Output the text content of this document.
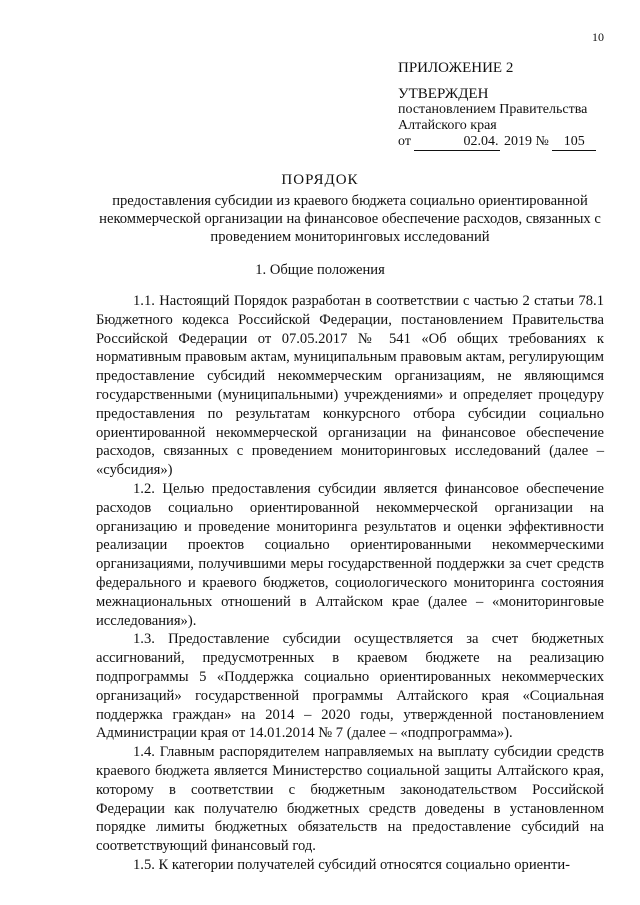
10
ПРИЛОЖЕНИЕ 2
УТВЕРЖДЕН
постановлением Правительства
Алтайского края
от	02.04. 2019 № 105
ПОРЯДОК
предоставления субсидии из краевого бюджета социально ориентированной некоммерческой организации на финансовое обеспечение расходов, связанных с проведением мониторинговых исследований
1. Общие положения

1.1. Настоящий Порядок разработан в соответствии с частью 2 статьи 78.1 Бюджетного кодекса Российской Федерации, постановлением Правительства Российской Федерации от 07.05.2017 № 541 «Об общих требованиях к нормативным правовым актам, муниципальным правовым актам, регулирующим предоставление субсидий некоммерческим организациям, не являющимся государственными (муниципальными) учреждениями» и определяет процедуру предоставления по результатам конкурсного отбора субсидии социально ориентированной некоммерческой организации на финансовое обеспечение расходов, связанных с проведением мониторинговых исследований (далее – «субсидия»)

1.2. Целью предоставления субсидии является финансовое обеспечение расходов социально ориентированной некоммерческой организации на организацию и проведение мониторинга результатов и оценки эффективности реализации проектов социально ориентированными некоммерческими организациями, получившими меры государственной поддержки за счет средств федерального и краевого бюджетов, социологического мониторинга состояния межнациональных отношений в Алтайском крае (далее – «мониторинговые исследования»).

1.3. Предоставление субсидии осуществляется за счет бюджетных ассигнований, предусмотренных в краевом бюджете на реализацию подпрограммы 5 «Поддержка социально ориентированных некоммерческих организаций» государственной программы Алтайского края «Социальная поддержка граждан» на 2014 – 2020 годы, утвержденной постановлением Администрации края от 14.01.2014 № 7 (далее – «подпрограмма»).

1.4. Главным распорядителем направляемых на выплату субсидии средств краевого бюджета является Министерство социальной защиты Алтайского края, которому в соответствии с бюджетным законодательством Российской Федерации как получателю бюджетных средств доведены в установленном порядке лимиты бюджетных обязательств на предоставление субсидий на соответствующий финансовый год.

1.5. К категории получателей субсидий относятся социально ориенти-
